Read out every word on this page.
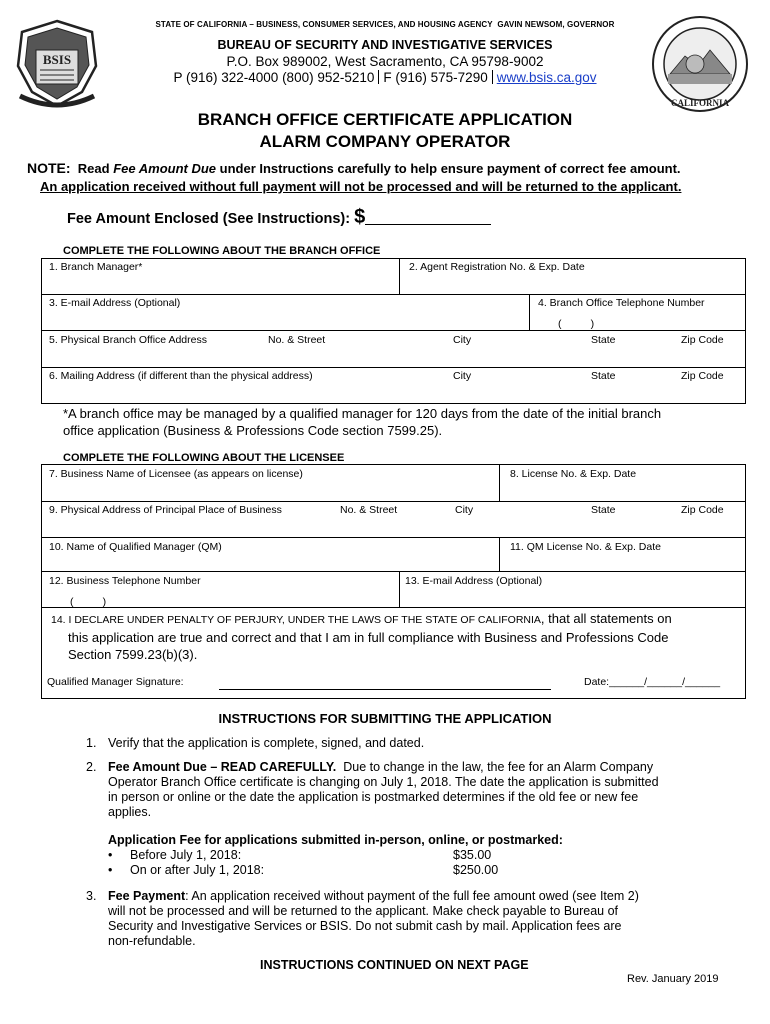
BSIS
CALIFORNIA
STATE OF CALIFORNIA – BUSINESS, CONSUMER SERVICES, AND HOUSING AGENCY GAVIN NEWSOM, GOVERNOR
BUREAU OF SECURITY AND INVESTIGATIVE SERVICES
P.O. Box 989002, West Sacramento, CA 95798-9002
P (916) 322-4000 (800) 952-5210 F (916) 575-7290 www.bsis.ca.gov
BRANCH OFFICE CERTIFICATE APPLICATION
ALARM COMPANY OPERATOR
NOTE: Read Fee Amount Due under Instructions carefully to help ensure payment of correct fee amount.
An application received without full payment will not be processed and will be returned to the applicant.
Fee Amount Enclosed (See Instructions): $
COMPLETE THE FOLLOWING ABOUT THE BRANCH OFFICE
1. Branch Manager*	2. Agent Registration No. & Exp. Date
3. E-mail Address (Optional)	4. Branch Office Telephone Number
(          )
5. Physical Branch Office Address	No. & Street	City	State	Zip Code
6. Mailing Address (if different than the physical address)	City	State	Zip Code
*A branch office may be managed by a qualified manager for 120 days from the date of the initial branch
office application (Business & Professions Code section 7599.25).
COMPLETE THE FOLLOWING ABOUT THE LICENSEE
7. Business Name of Licensee (as appears on license)	8. License No. & Exp. Date
9. Physical Address of Principal Place of Business	No. & Street	City	State	Zip Code
10. Name of Qualified Manager (QM)	11. QM License No. & Exp. Date
12. Business Telephone Number
(          )
13. E-mail Address (Optional)
14. I DECLARE UNDER PENALTY OF PERJURY, UNDER THE LAWS OF THE STATE OF CALIFORNIA, that all statements on
this application are true and correct and that I am in full compliance with Business and Professions Code
Section 7599.23(b)(3).
Qualified Manager Signature:	Date:______/______/______
INSTRUCTIONS FOR SUBMITTING THE APPLICATION
1. Verify that the application is complete, signed, and dated.
2. Fee Amount Due – READ CAREFULLY. Due to change in the law, the fee for an Alarm Company
Operator Branch Office certificate is changing on July 1, 2018. The date the application is submitted
in person or online or the date the application is postmarked determines if the old fee or new fee
applies.
Application Fee for applications submitted in-person, online, or postmarked:
• Before July 1, 2018:	$35.00
• On or after July 1, 2018:	$250.00
3. Fee Payment: An application received without payment of the full fee amount owed (see Item 2)
will not be processed and will be returned to the applicant. Make check payable to Bureau of
Security and Investigative Services or BSIS. Do not submit cash by mail. Application fees are
non-refundable.
INSTRUCTIONS CONTINUED ON NEXT PAGE
Rev. January 2019
